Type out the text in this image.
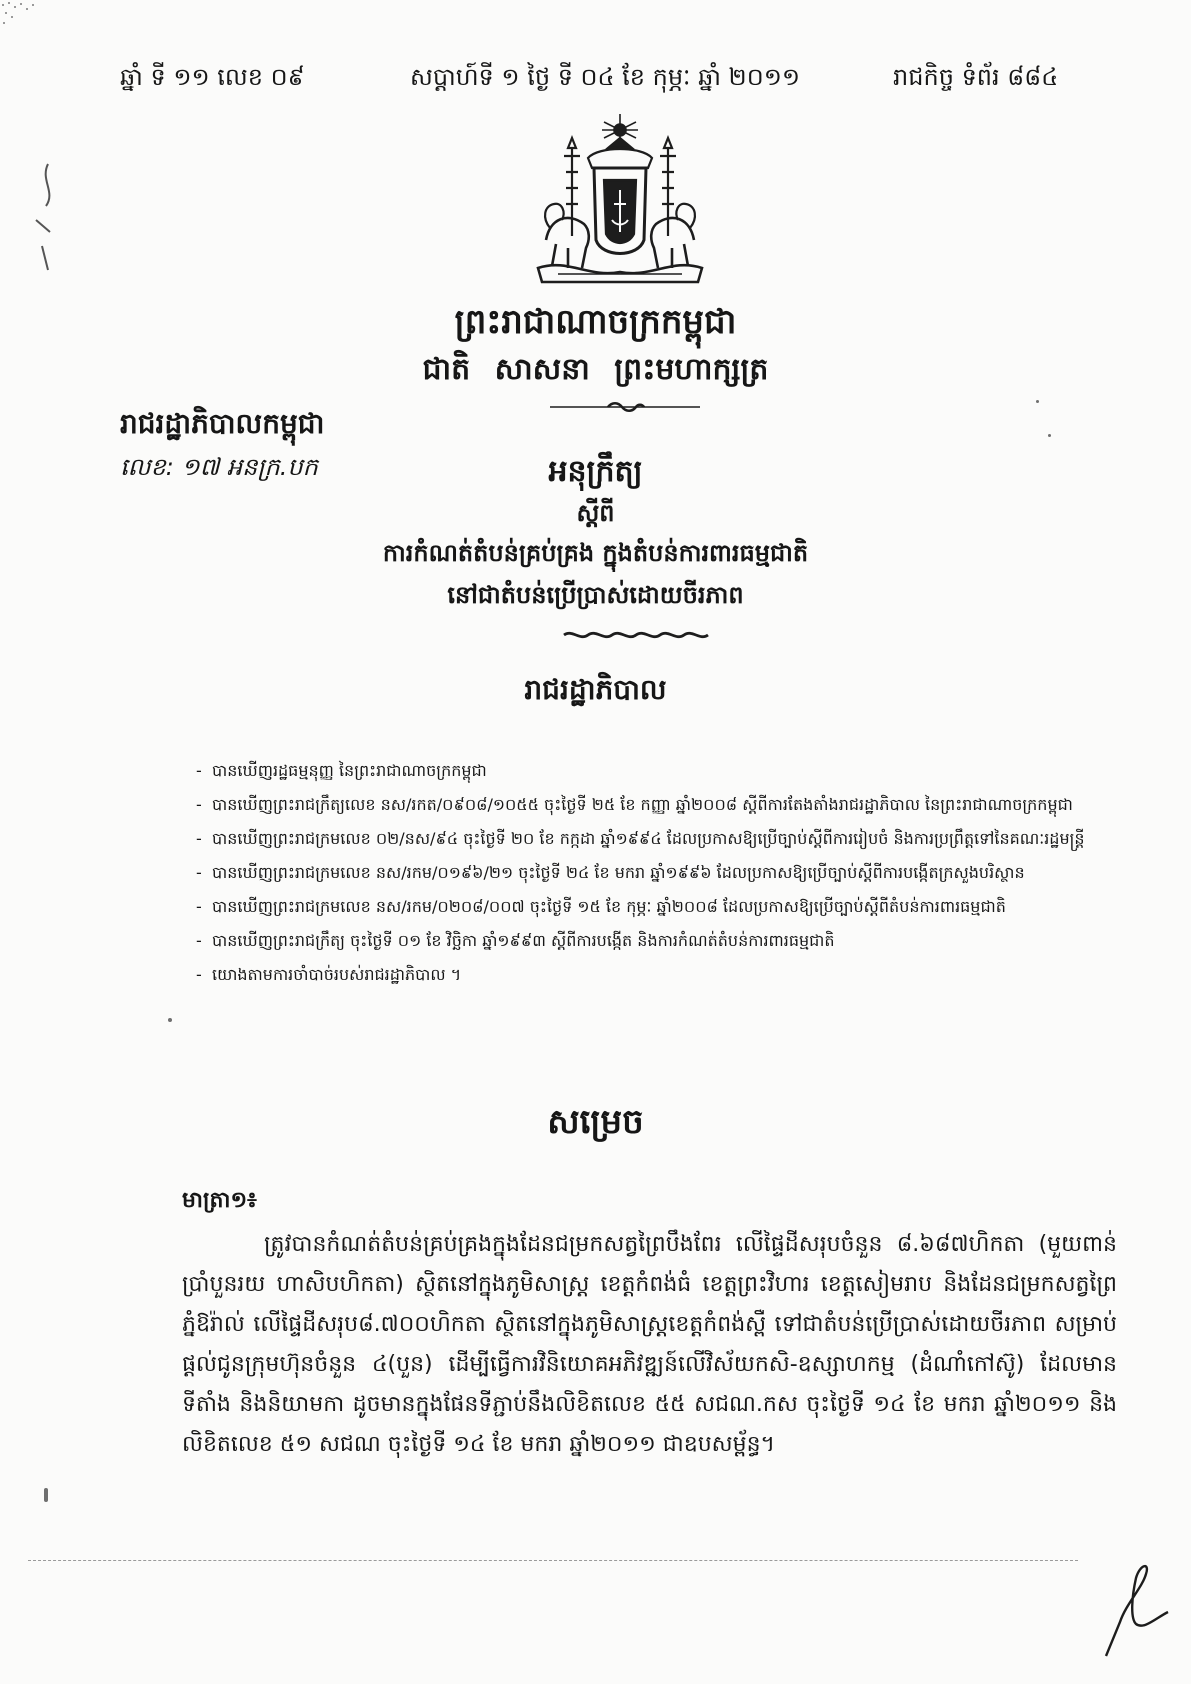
ឆ្នាំ ទី ១១ លេខ ០៩	សប្តាហ៍ទី ១ ថ្ងៃ ទី ០៤ ខែ កុម្ភៈ ឆ្នាំ ២០១១	រាជកិច្ច ទំព័រ ៨៨៤
ព្រះរាជាណាចក្រកម្ពុជា
ជាតិ សាសនា ព្រះមហាក្សត្រ
រាជរដ្ឋាភិបាលកម្ពុជា
លេខ: ១៧ អនក្រ.បក	អនុក្រឹត្យ
ស្តីពី
ការកំណត់តំបន់គ្រប់គ្រង ក្នុងតំបន់ការពារធម្មជាតិ
នៅជាតំបន់ប្រើប្រាស់ដោយចីរភាព
រាជរដ្ឋាភិបាល
- បានឃើញរដ្ឋធម្មនុញ្ញ នៃព្រះរាជាណាចក្រកម្ពុជា
- បានឃើញព្រះរាជក្រឹត្យលេខ នស/រកត/០៩០៨/១០៥៥ ចុះថ្ងៃទី ២៥ ខែ កញ្ញា ឆ្នាំ២០០៨ ស្តីពីការតែងតាំងរាជរដ្ឋាភិបាល នៃព្រះរាជាណាចក្រកម្ពុជា
- បានឃើញព្រះរាជក្រមលេខ ០២/នស/៩៤ ចុះថ្ងៃទី ២០ ខែ កក្កដា ឆ្នាំ១៩៩៤ ដែលប្រកាសឱ្យប្រើច្បាប់ស្តីពីការរៀបចំ និងការប្រព្រឹត្តទៅនៃគណៈរដ្ឋមន្ត្រី
- បានឃើញព្រះរាជក្រមលេខ នស/រកម/០១៩៦/២១ ចុះថ្ងៃទី ២៤ ខែ មករា ឆ្នាំ១៩៩៦ ដែលប្រកាសឱ្យប្រើច្បាប់ស្តីពីការបង្កើតក្រសួងបរិស្ថាន
- បានឃើញព្រះរាជក្រមលេខ នស/រកម/០២០៨/០០៧ ចុះថ្ងៃទី ១៥ ខែ កុម្ភៈ ឆ្នាំ២០០៨ ដែលប្រកាសឱ្យប្រើច្បាប់ស្តីពីតំបន់ការពារធម្មជាតិ
- បានឃើញព្រះរាជក្រឹត្យ ចុះថ្ងៃទី ០១ ខែ វិច្ឆិកា ឆ្នាំ១៩៩៣ ស្តីពីការបង្កើត និងការកំណត់តំបន់ការពារធម្មជាតិ
- យោងតាមការចាំបាច់របស់រាជរដ្ឋាភិបាល ។
សម្រេច
មាត្រា១៖

ត្រូវបានកំណត់តំបន់គ្រប់គ្រងក្នុងដែនជម្រកសត្វព្រៃបឹងពែរ លើផ្ទៃដីសរុបចំនួន ៨.៦៨៧ហិកតា (មួយពាន់ ប្រាំបួនរយ ហាសិបហិកតា) ស្ថិតនៅក្នុងភូមិសាស្ត្រ ខេត្តកំពង់ធំ ខេត្តព្រះវិហារ ខេត្តសៀមរាប និងដែនជម្រកសត្វព្រៃភ្នំឱរ៉ាល់ លើផ្ទៃដីសរុប៨.៧០០ហិកតា ស្ថិតនៅក្នុងភូមិសាស្ត្រខេត្តកំពង់ស្ពឺ ទៅជាតំបន់ប្រើប្រាស់ដោយចីរភាព សម្រាប់ផ្តល់ជូនក្រុមហ៊ុនចំនួន ៤(បួន) ដើម្បីធ្វើការវិនិយោគអភិវឌ្ឍន៍លើវិស័យកសិ-ឧស្សាហកម្ម (ដំណាំកៅស៊ូ) ដែលមានទីតាំង និងនិយាមកា ដូចមានក្នុងផែនទីភ្ជាប់នឹងលិខិតលេខ ៥៥ សជណ.កស ចុះថ្ងៃទី ១៤ ខែ មករា ឆ្នាំ២០១១ និងលិខិតលេខ ៥១ សជណ ចុះថ្ងៃទី ១៤ ខែ មករា ឆ្នាំ២០១១ ជាឧបសម្ព័ន្ធ។
